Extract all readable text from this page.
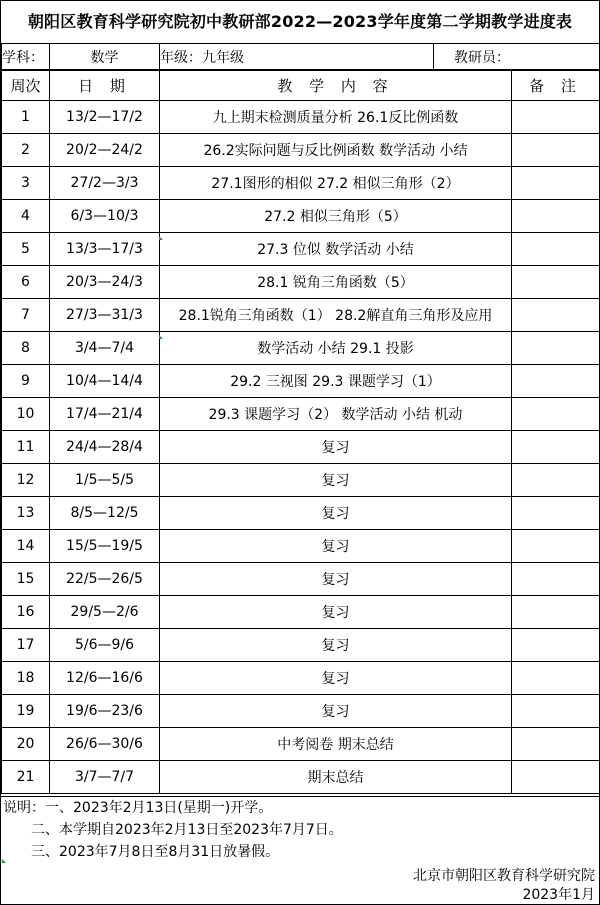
朝阳区教育科学研究院初中教研部2022—2023学年度第二学期教学进度表
学科：	数学	年级：九年级	教研员：
周次	日 期	教 学 内 容	备 注
1	13/2—17/2	九上期末检测质量分析 26.1反比例函数	
2	20/2—24/2	26.2实际问题与反比例函数 数学活动 小结	
3	27/2—3/3	27.1图形的相似 27.2 相似三角形（2）	
4	6/3—10/3	27.2 相似三角形（5）	
5	13/3—17/3	27.3 位似 数学活动 小结	
6	20/3—24/3	28.1 锐角三角函数（5）	
7	27/3—31/3	28.1锐角三角函数（1） 28.2解直角三角形及应用	
8	3/4—7/4	数学活动 小结 29.1 投影	
9	10/4—14/4	29.2 三视图 29.3 课题学习（1）	
10	17/4—21/4	29.3 课题学习（2） 数学活动 小结 机动	
11	24/4—28/4	复习	
12	1/5—5/5	复习	
13	8/5—12/5	复习	
14	15/5—19/5	复习	
15	22/5—26/5	复习	
16	29/5—2/6	复习	
17	5/6—9/6	复习	
18	12/6—16/6	复习	
19	19/6—23/6	复习	
20	26/6—30/6	中考阅卷 期末总结	
21	3/7—7/7	期末总结	
说明：一、2023年2月13日(星期一)开学。
二、本学期自2023年2月13日至2023年7月7日。
三、2023年7月8日至8月31日放暑假。
北京市朝阳区教育科学研究院
2023年1月
